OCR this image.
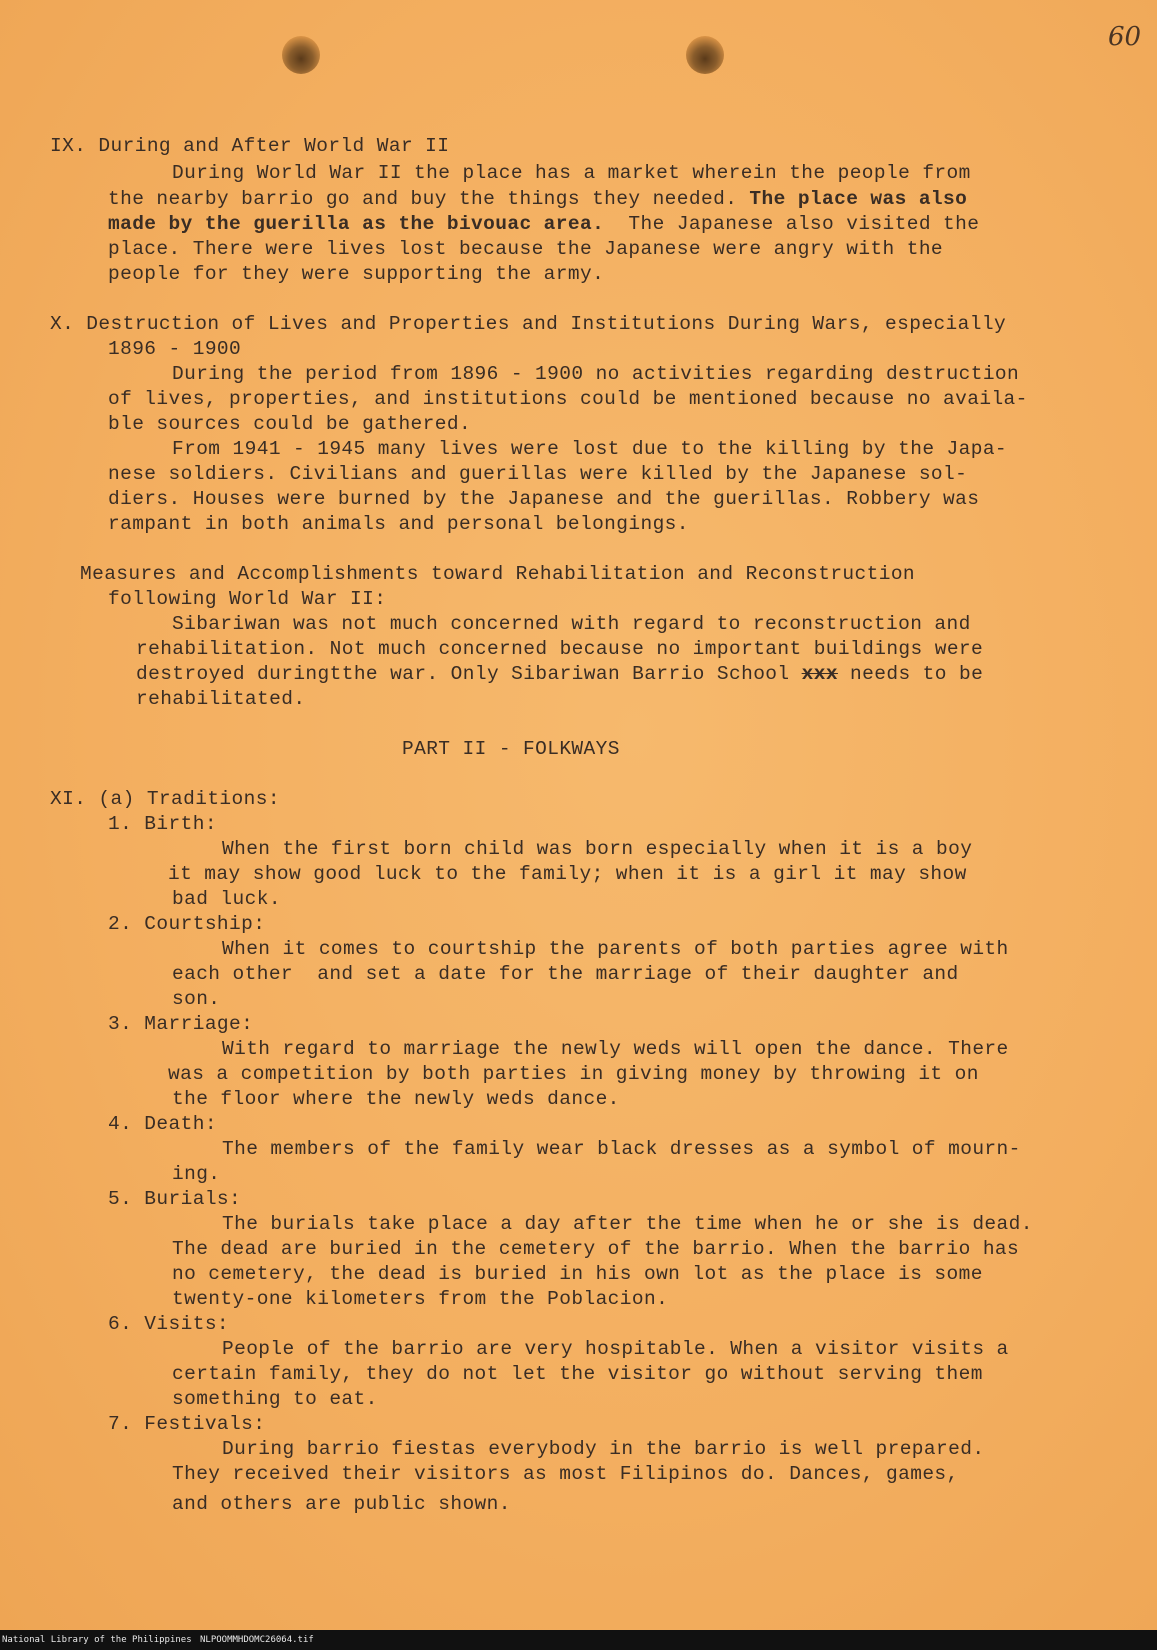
60
IX. During and After World War II
During World War II the place has a market wherein the people from
the nearby barrio go and buy the things they needed. The place was also
made by the guerilla as the bivouac area. The Japanese also visited the
place. There were lives lost because the Japanese were angry with the
people for they were supporting the army.
X. Destruction of Lives and Properties and Institutions During Wars, especially
1896 - 1900
During the period from 1896 - 1900 no activities regarding destruction
of lives, properties, and institutions could be mentioned because no availa-
ble sources could be gathered.
From 1941 - 1945 many lives were lost due to the killing by the Japa-
nese soldiers. Civilians and guerillas were killed by the Japanese sol-
diers. Houses were burned by the Japanese and the guerillas. Robbery was
rampant in both animals and personal belongings.
Measures and Accomplishments toward Rehabilitation and Reconstruction
following World War II:
Sibariwan was not much concerned with regard to reconstruction and
rehabilitation. Not much concerned because no important buildings were
destroyed duringtthe war. Only Sibariwan Barrio School xxx needs to be
rehabilitated.
PART II - FOLKWAYS
XI. (a) Traditions:
1. Birth:
When the first born child was born especially when it is a boy
it may show good luck to the family; when it is a girl it may show
bad luck.
2. Courtship:
When it comes to courtship the parents of both parties agree with
each other  and set a date for the marriage of their daughter and
son.
3. Marriage:
With regard to marriage the newly weds will open the dance. There
was a competition by both parties in giving money by throwing it on
the floor where the newly weds dance.
4. Death:
The members of the family wear black dresses as a symbol of mourn-
ing.
5. Burials:
The burials take place a day after the time when he or she is dead.
The dead are buried in the cemetery of the barrio. When the barrio has
no cemetery, the dead is buried in his own lot as the place is some
twenty-one kilometers from the Poblacion.
6. Visits:
People of the barrio are very hospitable. When a visitor visits a
certain family, they do not let the visitor go without serving them
something to eat.
7. Festivals:
During barrio fiestas everybody in the barrio is well prepared.
They received their visitors as most Filipinos do. Dances, games,
and others are public shown.
National Library of the Philippines NLPOOMMHDOMC26064.tif
